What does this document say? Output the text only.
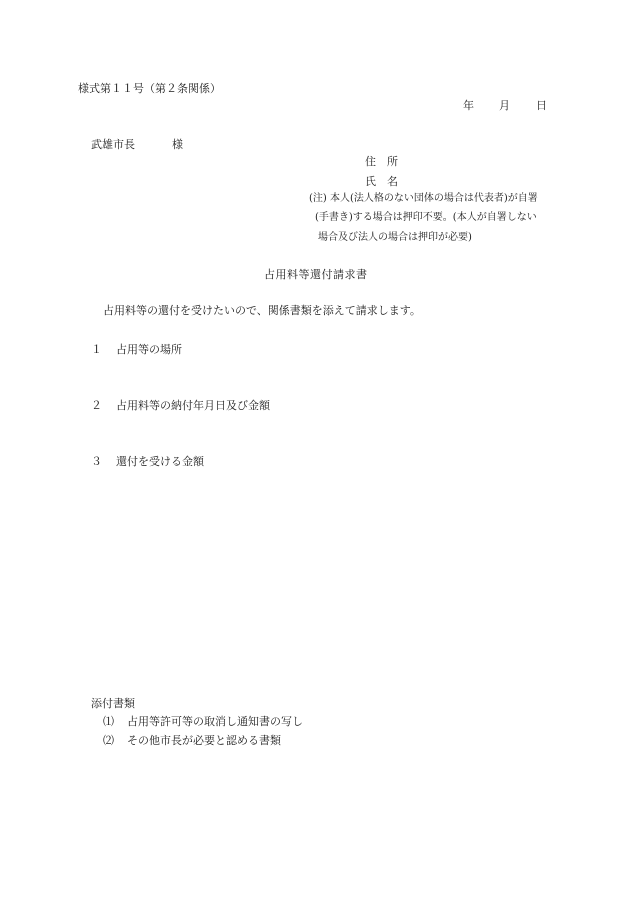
様式第１１号（第２条関係）
年 月 日
武雄市長	様
住　所
氏　名
(注) 本人(法人格のない団体の場合は代表者)が自署
(手書き)する場合は押印不要。(本人が自署しない
場合及び法人の場合は押印が必要)
占用料等還付請求書
占用料等の還付を受けたいので、関係書類を添えて請求します。
１ 占用等の場所
２ 占用料等の納付年月日及び金額
３ 還付を受ける金額
添付書類
⑴ 占用等許可等の取消し通知書の写し
⑵ その他市長が必要と認める書類
